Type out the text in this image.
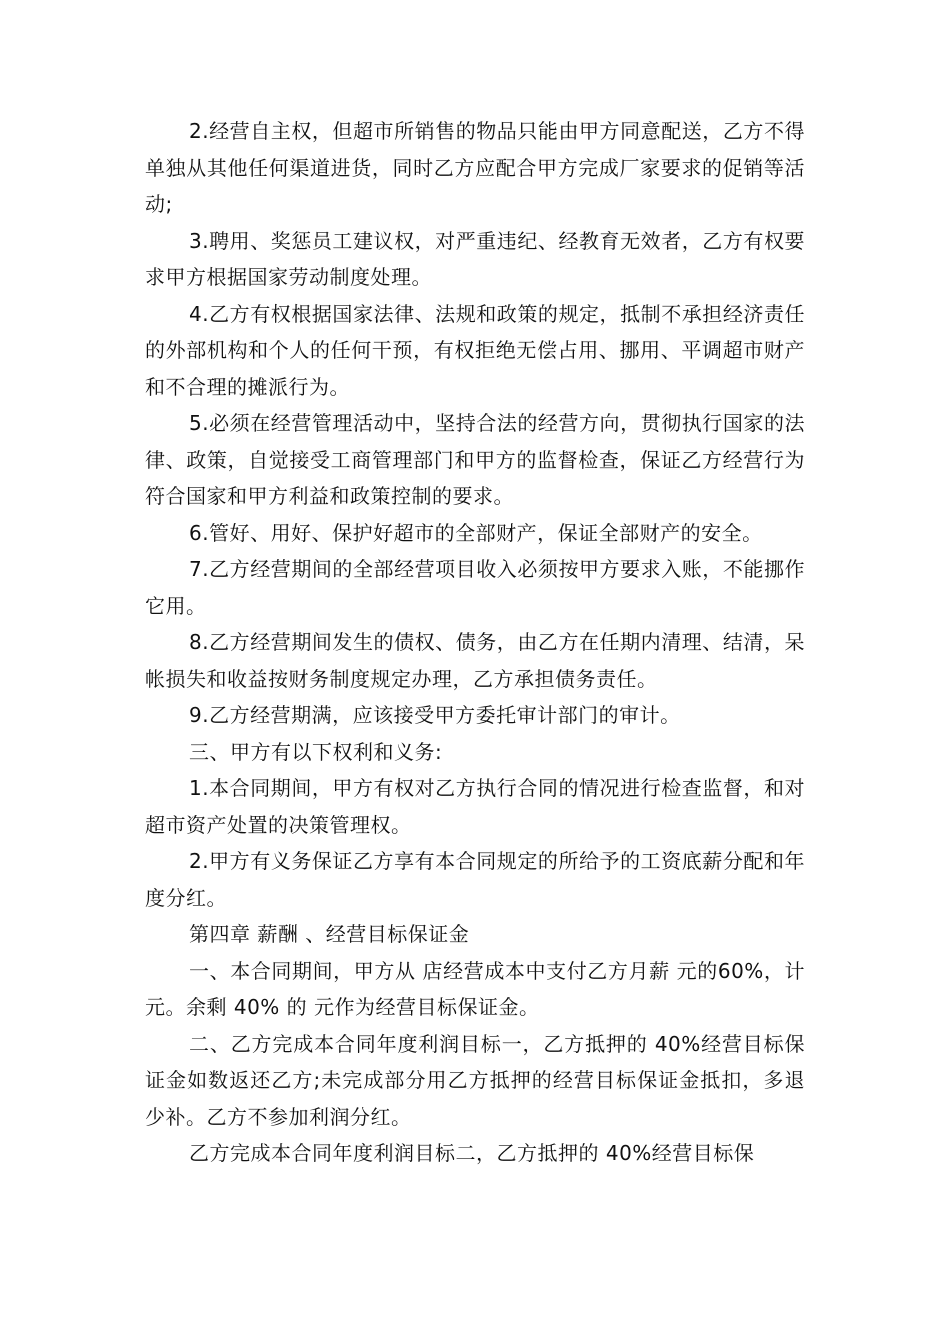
2.经营自主权，但超市所销售的物品只能由甲方同意配送，乙方不得单独从其他任何渠道进货，同时乙方应配合甲方完成厂家要求的促销等活动;

3.聘用、奖惩员工建议权，对严重违纪、经教育无效者，乙方有权要求甲方根据国家劳动制度处理。

4.乙方有权根据国家法律、法规和政策的规定，抵制不承担经济责任的外部机构和个人的任何干预，有权拒绝无偿占用、挪用、平调超市财产和不合理的摊派行为。

5.必须在经营管理活动中，坚持合法的经营方向，贯彻执行国家的法律、政策，自觉接受工商管理部门和甲方的监督检查，保证乙方经营行为符合国家和甲方利益和政策控制的要求。

6.管好、用好、保护好超市的全部财产，保证全部财产的安全。

7.乙方经营期间的全部经营项目收入必须按甲方要求入账，不能挪作它用。

8.乙方经营期间发生的债权、债务，由乙方在任期内清理、结清，呆帐损失和收益按财务制度规定办理，乙方承担债务责任。

9.乙方经营期满，应该接受甲方委托审计部门的审计。

三、甲方有以下权利和义务:

1.本合同期间，甲方有权对乙方执行合同的情况进行检查监督，和对超市资产处置的决策管理权。

2.甲方有义务保证乙方享有本合同规定的所给予的工资底薪分配和年度分红。

第四章 薪酬 、经营目标保证金

一、本合同期间，甲方从 店经营成本中支付乙方月薪 元的60%，计 元。余剩 40% 的 元作为经营目标保证金。

二、乙方完成本合同年度利润目标一，乙方抵押的 40%经营目标保证金如数返还乙方;未完成部分用乙方抵押的经营目标保证金抵扣，多退少补。乙方不参加利润分红。

乙方完成本合同年度利润目标二，乙方抵押的 40%经营目标保
